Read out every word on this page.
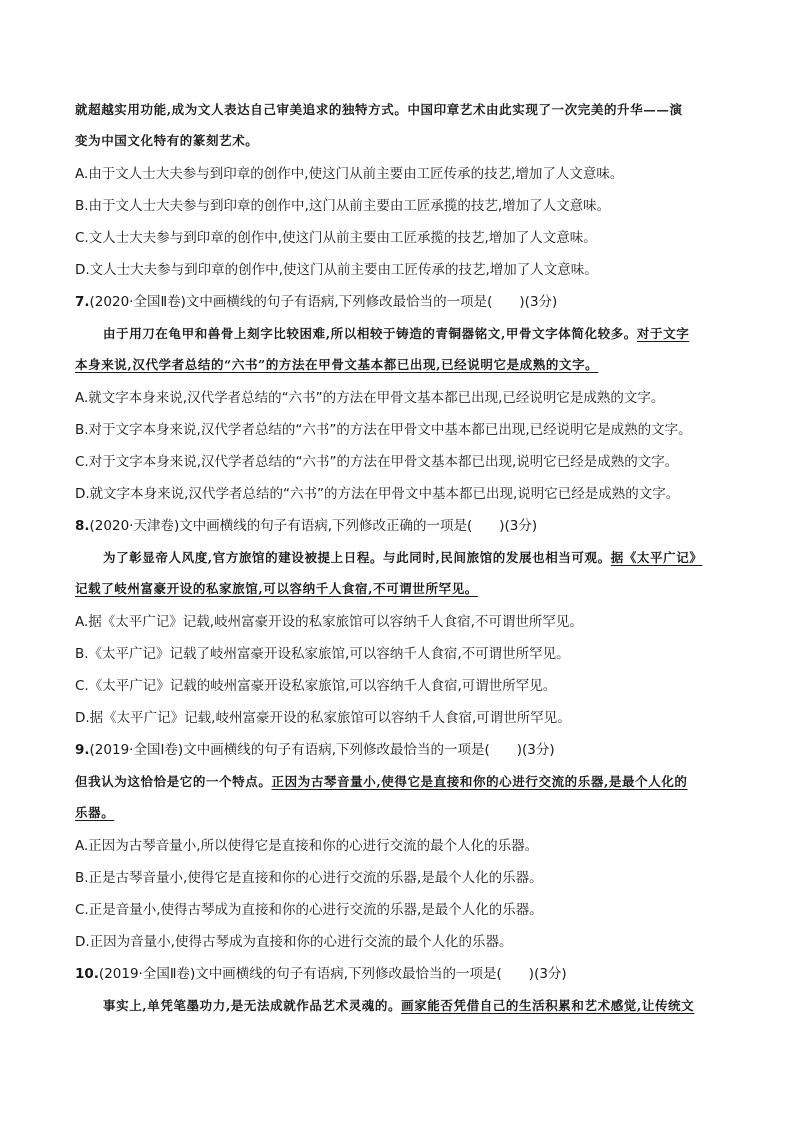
就超越实用功能,成为文人表达自己审美追求的独特方式。中国印章艺术由此实现了一次完美的升华——演
变为中国文化特有的篆刻艺术。
A.由于文人士大夫参与到印章的创作中,使这门从前主要由工匠传承的技艺,增加了人文意味。
B.由于文人士大夫参与到印章的创作中,这门从前主要由工匠承揽的技艺,增加了人文意味。
C.文人士大夫参与到印章的创作中,使这门从前主要由工匠承揽的技艺,增加了人文意味。
D.文人士大夫参与到印章的创作中,使这门从前主要由工匠传承的技艺,增加了人文意味。
7.(2020·全国Ⅱ卷)文中画横线的句子有语病,下列修改最恰当的一项是(　　)(3分)
由于用刀在龟甲和兽骨上刻字比较困难,所以相较于铸造的青铜器铭文,甲骨文字体简化较多。对于文字
本身来说,汉代学者总结的“六书”的方法在甲骨文基本都已出现,已经说明它是成熟的文字。
A.就文字本身来说,汉代学者总结的“六书”的方法在甲骨文基本都已出现,已经说明它是成熟的文字。
B.对于文字本身来说,汉代学者总结的“六书”的方法在甲骨文中基本都已出现,已经说明它是成熟的文字。
C.对于文字本身来说,汉代学者总结的“六书”的方法在甲骨文基本都已出现,说明它已经是成熟的文字。
D.就文字本身来说,汉代学者总结的“六书”的方法在甲骨文中基本都已出现,说明它已经是成熟的文字。
8.(2020·天津卷)文中画横线的句子有语病,下列修改正确的一项是(　　)(3分)
为了彰显帝人风度,官方旅馆的建设被提上日程。与此同时,民间旅馆的发展也相当可观。据《太平广记》
记载了岐州富豪开设的私家旅馆,可以容纳千人食宿,不可谓世所罕见。
A.据《太平广记》记载,岐州富豪开设的私家旅馆可以容纳千人食宿,不可谓世所罕见。
B.《太平广记》记载了岐州富豪开设私家旅馆,可以容纳千人食宿,不可谓世所罕见。
C.《太平广记》记载的岐州富豪开设私家旅馆,可以容纳千人食宿,可谓世所罕见。
D.据《太平广记》记载,岐州富豪开设的私家旅馆可以容纳千人食宿,可谓世所罕见。
9.(2019·全国Ⅰ卷)文中画横线的句子有语病,下列修改最恰当的一项是(　　)(3分)
但我认为这恰恰是它的一个特点。正因为古琴音量小,使得它是直接和你的心进行交流的乐器,是最个人化的
乐器。
A.正因为古琴音量小,所以使得它是直接和你的心进行交流的最个人化的乐器。
B.正是古琴音量小,使得它是直接和你的心进行交流的乐器,是最个人化的乐器。
C.正是音量小,使得古琴成为直接和你的心进行交流的乐器,是最个人化的乐器。
D.正因为音量小,使得古琴成为直接和你的心进行交流的最个人化的乐器。
10.(2019·全国Ⅱ卷)文中画横线的句子有语病,下列修改最恰当的一项是(　　)(3分)
事实上,单凭笔墨功力,是无法成就作品艺术灵魂的。画家能否凭借自己的生活积累和艺术感觉,让传统文
